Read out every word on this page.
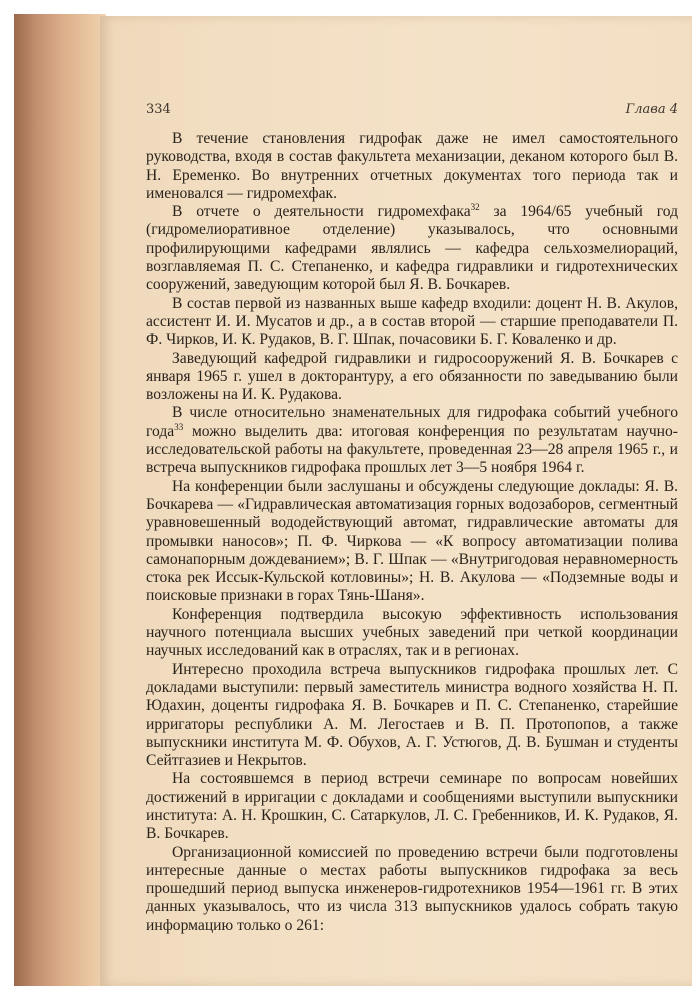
334	Глава 4

В течение становления гидрофак даже не имел самостоятельного руководства, входя в состав факультета механизации, деканом которого был В. Н. Еременко. Во внутренних отчетных документах того периода так и именовался — гидромехфак.

В отчете о деятельности гидромехфака$^{32}$ за 1964/65 учебный год (гидромелиоративное отделение) указывалось, что основными профилирующими кафедрами являлись — кафедра сельхозмелиораций, возглавляемая П. С. Степаненко, и кафедра гидравлики и гидротехнических сооружений, заведующим которой был Я. В. Бочкарев.

В состав первой из названных выше кафедр входили: доцент Н. В. Акулов, ассистент И. И. Мусатов и др., а в состав второй — старшие преподаватели П. Ф. Чирков, И. К. Рудаков, В. Г. Шпак, почасовики Б. Г. Коваленко и др.

Заведующий кафедрой гидравлики и гидросооружений Я. В. Бочкарев с января 1965 г. ушел в докторантуру, а его обязанности по заведыванию были возложены на И. К. Рудакова.

В числе относительно знаменательных для гидрофака событий учебного года$^{33}$ можно выделить два: итоговая конференция по результатам научно-исследовательской работы на факультете, проведенная 23—28 апреля 1965 г., и встреча выпускников гидрофака прошлых лет 3—5 ноября 1964 г.

На конференции были заслушаны и обсуждены следующие доклады: Я. В. Бочкарева — «Гидравлическая автоматизация горных водозаборов, сегментный уравновешенный вододействующий автомат, гидравлические автоматы для промывки наносов»; П. Ф. Чиркова — «К вопросу автоматизации полива самонапорным дождеванием»; В. Г. Шпак — «Внутригодовая неравномерность стока рек Иссык-Кульской котловины»; Н. В. Акулова — «Подземные воды и поисковые признаки в горах Тянь-Шаня».

Конференция подтвердила высокую эффективность использования научного потенциала высших учебных заведений при четкой координации научных исследований как в отраслях, так и в регионах.

Интересно проходила встреча выпускников гидрофака прошлых лет. С докладами выступили: первый заместитель министра водного хозяйства Н. П. Юдахин, доценты гидрофака Я. В. Бочкарев и П. С. Степаненко, старейшие ирригаторы республики А. М. Легостаев и В. П. Протопопов, а также выпускники института М. Ф. Обухов, А. Г. Устюгов, Д. В. Бушман и студенты Сейтгазиев и Некрытов.

На состоявшемся в период встречи семинаре по вопросам новейших достижений в ирригации с докладами и сообщениями выступили выпускники института: А. Н. Крошкин, С. Сатаркулов, Л. С. Гребенников, И. К. Рудаков, Я. В. Бочкарев.

Организационной комиссией по проведению встречи были подготовлены интересные данные о местах работы выпускников гидрофака за весь прошедший период выпуска инженеров-гидротехников 1954—1961 гг. В этих данных указывалось, что из числа 313 выпускников удалось собрать такую информацию только о 261:
